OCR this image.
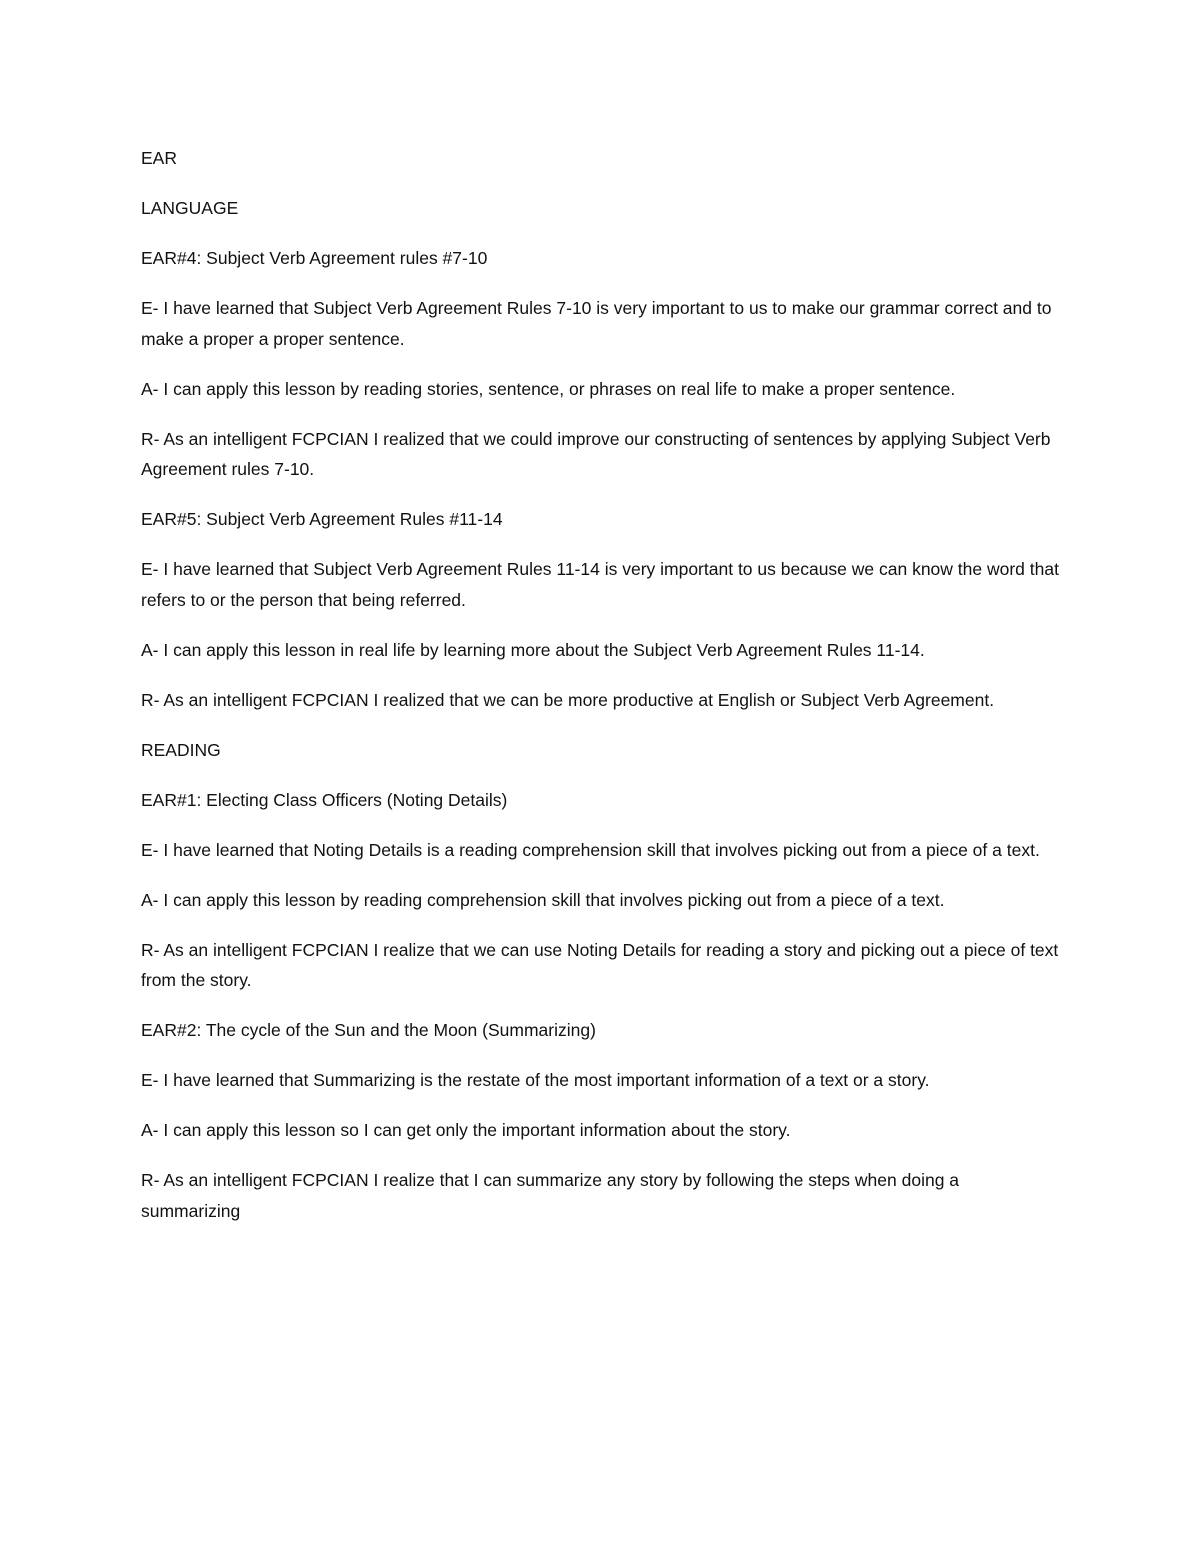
EAR

LANGUAGE

EAR#4: Subject Verb Agreement rules #7-10

E- I have learned that Subject Verb Agreement Rules 7-10 is very important to us to make our grammar correct and to make a proper a proper sentence.

A- I can apply this lesson by reading stories, sentence, or phrases on real life to make a proper sentence.

R- As an intelligent FCPCIAN I realized that we could improve our constructing of sentences by applying Subject Verb Agreement rules 7-10.

EAR#5: Subject Verb Agreement Rules #11-14

E- I have learned that Subject Verb Agreement Rules 11-14 is very important to us because we can know the word that refers to or the person that being referred.

A- I can apply this lesson in real life by learning more about the Subject Verb Agreement Rules 11-14.

R- As an intelligent FCPCIAN I realized that we can be more productive at English or Subject Verb Agreement.

READING

EAR#1: Electing Class Officers (Noting Details)

E- I have learned that Noting Details is a reading comprehension skill that involves picking out from a piece of a text.

A- I can apply this lesson by reading comprehension skill that involves picking out from a piece of a text.

R- As an intelligent FCPCIAN I realize that we can use Noting Details for reading a story and picking out a piece of text from the story.

EAR#2: The cycle of the Sun and the Moon (Summarizing)

E- I have learned that Summarizing is the restate of the most important information of a text or a story.

A- I can apply this lesson so I can get only the important information about the story.

R- As an intelligent FCPCIAN I realize that I can summarize any story by following the steps when doing a summarizing
